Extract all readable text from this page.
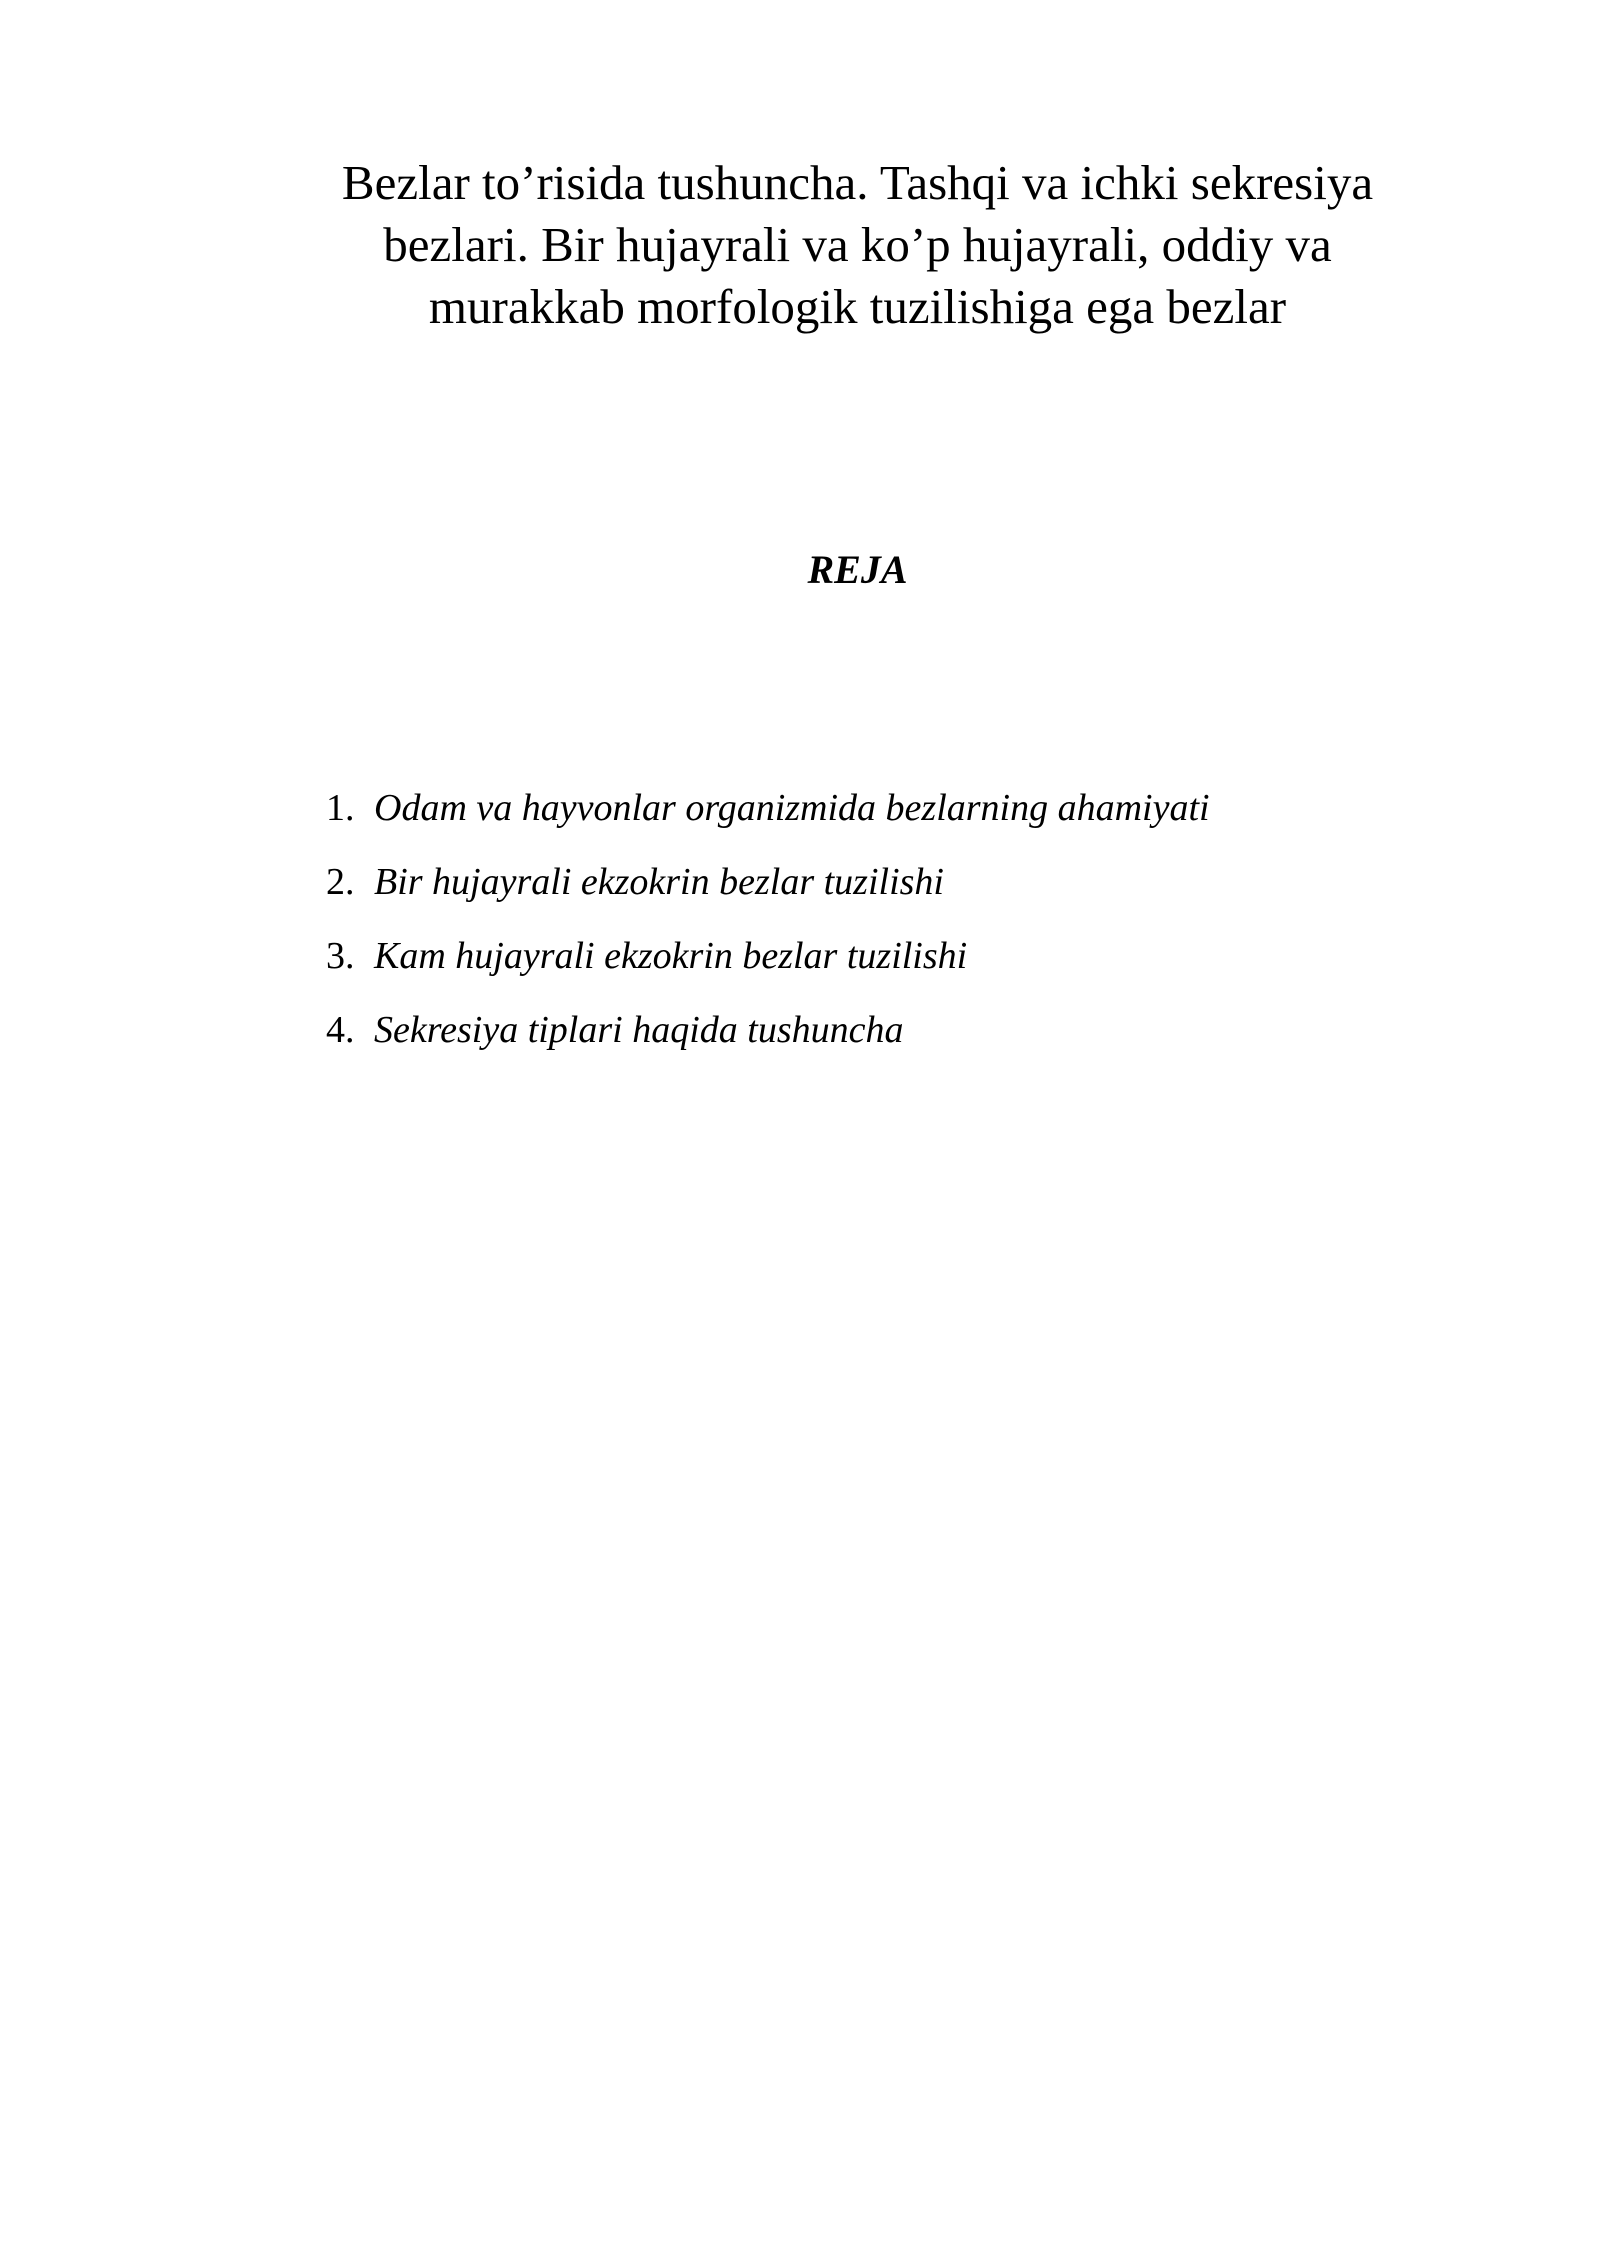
Bezlar to’risida tushuncha. Tashqi va ichki sekresiya
bezlari. Bir hujayrali va ko’p hujayrali, oddiy va
murakkab morfologik tuzilishiga ega bezlar
REJA
1. Odam va hayvonlar organizmida bezlarning ahamiyati
2. Bir hujayrali ekzokrin bezlar tuzilishi
3. Kam hujayrali ekzokrin bezlar tuzilishi
4. Sekresiya tiplari haqida tushuncha
